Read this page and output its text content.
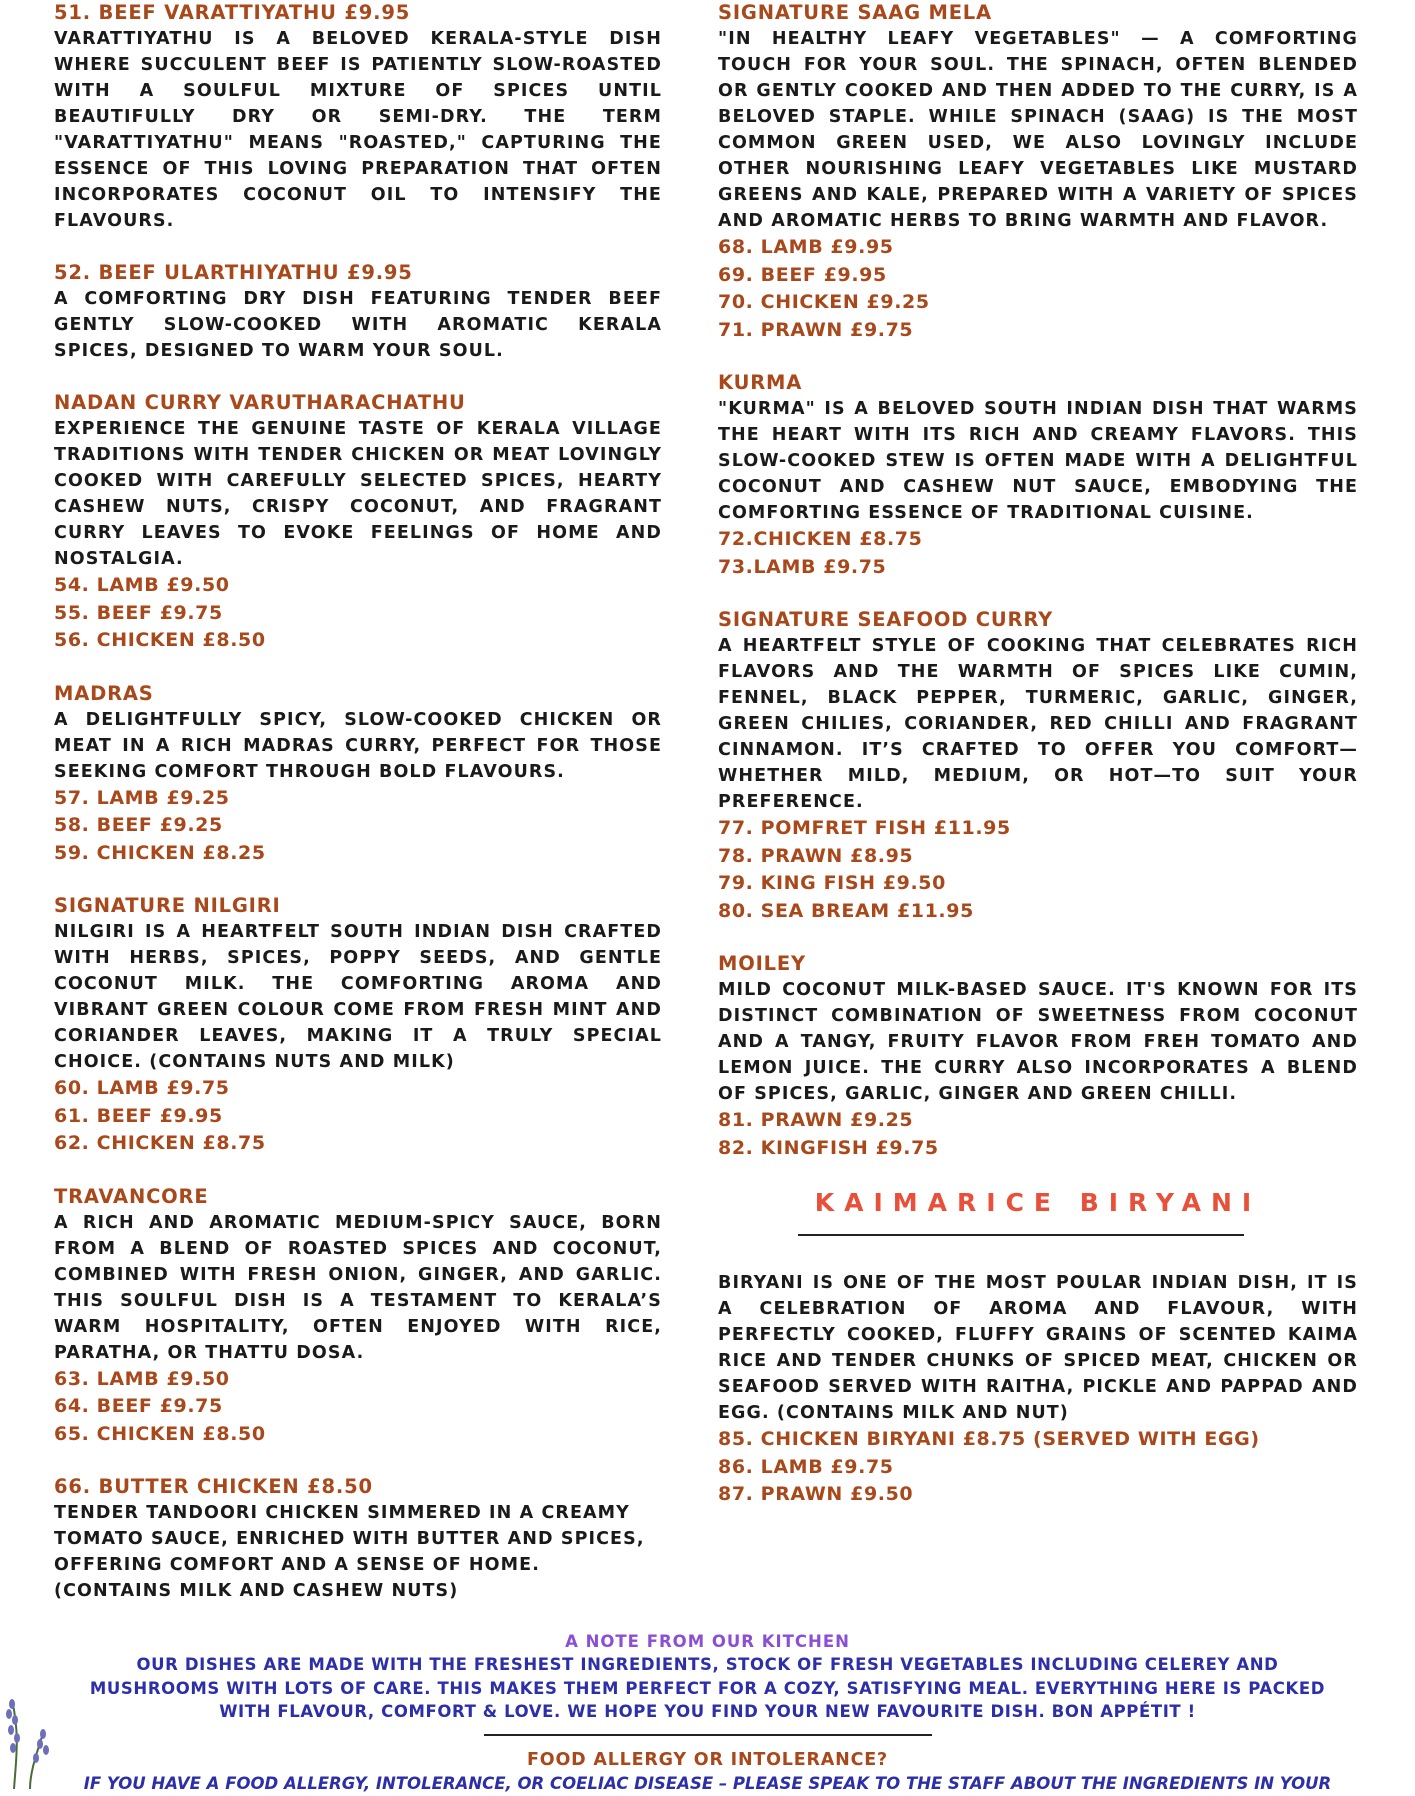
51. BEEF VARATTIYATHU £9.95

VARATTIYATHU IS A BELOVED KERALA-STYLE DISH WHERE SUCCULENT BEEF IS PATIENTLY SLOW-ROASTED WITH A SOULFUL MIXTURE OF SPICES UNTIL BEAUTIFULLY DRY OR SEMI-DRY. THE TERM "VARATTIYATHU" MEANS "ROASTED," CAPTURING THE ESSENCE OF THIS LOVING PREPARATION THAT OFTEN INCORPORATES COCONUT OIL TO INTENSIFY THE FLAVOURS.

52. BEEF ULARTHIYATHU £9.95

A COMFORTING DRY DISH FEATURING TENDER BEEF GENTLY SLOW-COOKED WITH AROMATIC KERALA SPICES, DESIGNED TO WARM YOUR SOUL.

NADAN CURRY VARUTHARACHATHU

EXPERIENCE THE GENUINE TASTE OF KERALA VILLAGE TRADITIONS WITH TENDER CHICKEN OR MEAT LOVINGLY COOKED WITH CAREFULLY SELECTED SPICES, HEARTY CASHEW NUTS, CRISPY COCONUT, AND FRAGRANT CURRY LEAVES TO EVOKE FEELINGS OF HOME AND NOSTALGIA.

54. LAMB £9.50
55. BEEF £9.75
56. CHICKEN £8.50
MADRAS

A DELIGHTFULLY SPICY, SLOW-COOKED CHICKEN OR MEAT IN A RICH MADRAS CURRY, PERFECT FOR THOSE SEEKING COMFORT THROUGH BOLD FLAVOURS.

57. LAMB £9.25
58. BEEF £9.25
59. CHICKEN £8.25
SIGNATURE NILGIRI

NILGIRI IS A HEARTFELT SOUTH INDIAN DISH CRAFTED WITH HERBS, SPICES, POPPY SEEDS, AND GENTLE COCONUT MILK. THE COMFORTING AROMA AND VIBRANT GREEN COLOUR COME FROM FRESH MINT AND CORIANDER LEAVES, MAKING IT A TRULY SPECIAL CHOICE. (CONTAINS NUTS AND MILK)

60. LAMB £9.75
61. BEEF £9.95
62. CHICKEN £8.75
TRAVANCORE

A RICH AND AROMATIC MEDIUM-SPICY SAUCE, BORN FROM A BLEND OF ROASTED SPICES AND COCONUT, COMBINED WITH FRESH ONION, GINGER, AND GARLIC. THIS SOULFUL DISH IS A TESTAMENT TO KERALA’S WARM HOSPITALITY, OFTEN ENJOYED WITH RICE, PARATHA, OR THATTU DOSA.

63. LAMB £9.50
64. BEEF £9.75
65. CHICKEN £8.50
66. BUTTER CHICKEN £8.50

TENDER TANDOORI CHICKEN SIMMERED IN A CREAMY TOMATO SAUCE, ENRICHED WITH BUTTER AND SPICES, OFFERING COMFORT AND A SENSE OF HOME. (CONTAINS MILK AND CASHEW NUTS)

SIGNATURE SAAG MELA

"IN HEALTHY LEAFY VEGETABLES" — A COMFORTING TOUCH FOR YOUR SOUL. THE SPINACH, OFTEN BLENDED OR GENTLY COOKED AND THEN ADDED TO THE CURRY, IS A BELOVED STAPLE. WHILE SPINACH (SAAG) IS THE MOST COMMON GREEN USED, WE ALSO LOVINGLY INCLUDE OTHER NOURISHING LEAFY VEGETABLES LIKE MUSTARD GREENS AND KALE, PREPARED WITH A VARIETY OF SPICES AND AROMATIC HERBS TO BRING WARMTH AND FLAVOR.

68. LAMB £9.95
69. BEEF £9.95
70. CHICKEN £9.25
71. PRAWN £9.75
KURMA

"KURMA" IS A BELOVED SOUTH INDIAN DISH THAT WARMS THE HEART WITH ITS RICH AND CREAMY FLAVORS. THIS SLOW-COOKED STEW IS OFTEN MADE WITH A DELIGHTFUL COCONUT AND CASHEW NUT SAUCE, EMBODYING THE COMFORTING ESSENCE OF TRADITIONAL CUISINE.

72.CHICKEN £8.75
73.LAMB £9.75
SIGNATURE SEAFOOD CURRY

A HEARTFELT STYLE OF COOKING THAT CELEBRATES RICH FLAVORS AND THE WARMTH OF SPICES LIKE CUMIN, FENNEL, BLACK PEPPER, TURMERIC, GARLIC, GINGER, GREEN CHILIES, CORIANDER, RED CHILLI AND FRAGRANT CINNAMON. IT’S CRAFTED TO OFFER YOU COMFORT—WHETHER MILD, MEDIUM, OR HOT—TO SUIT YOUR PREFERENCE.

77. POMFRET FISH £11.95
78. PRAWN £8.95
79. KING FISH £9.50
80. SEA BREAM £11.95
MOILEY

MILD COCONUT MILK-BASED SAUCE. IT'S KNOWN FOR ITS DISTINCT COMBINATION OF SWEETNESS FROM COCONUT AND A TANGY, FRUITY FLAVOR FROM FREH TOMATO AND LEMON JUICE. THE CURRY ALSO INCORPORATES A BLEND OF SPICES, GARLIC, GINGER AND GREEN CHILLI.

81. PRAWN £9.25
82. KINGFISH £9.75
KAIMARICE BIRYANI

BIRYANI IS ONE OF THE MOST POULAR INDIAN DISH, IT IS A CELEBRATION OF AROMA AND FLAVOUR, WITH PERFECTLY COOKED, FLUFFY GRAINS OF SCENTED KAIMA RICE AND TENDER CHUNKS OF SPICED MEAT, CHICKEN OR SEAFOOD SERVED WITH RAITHA, PICKLE AND PAPPAD AND EGG. (CONTAINS MILK AND NUT)

85. CHICKEN BIRYANI £8.75 (SERVED WITH EGG)
86. LAMB £9.75
87. PRAWN £9.50

A NOTE FROM OUR KITCHEN

OUR DISHES ARE MADE WITH THE FRESHEST INGREDIENTS, STOCK OF FRESH VEGETABLES INCLUDING CELEREY AND MUSHROOMS WITH LOTS OF CARE. THIS MAKES THEM PERFECT FOR A COZY, SATISFYING MEAL. EVERYTHING HERE IS PACKED WITH FLAVOUR, COMFORT & LOVE. WE HOPE YOU FIND YOUR NEW FAVOURITE DISH. BON APPÉTIT !

FOOD ALLERGY OR INTOLERANCE?

IF YOU HAVE A FOOD ALLERGY, INTOLERANCE, OR COELIAC DISEASE – PLEASE SPEAK TO THE STAFF ABOUT THE INGREDIENTS IN YOUR
